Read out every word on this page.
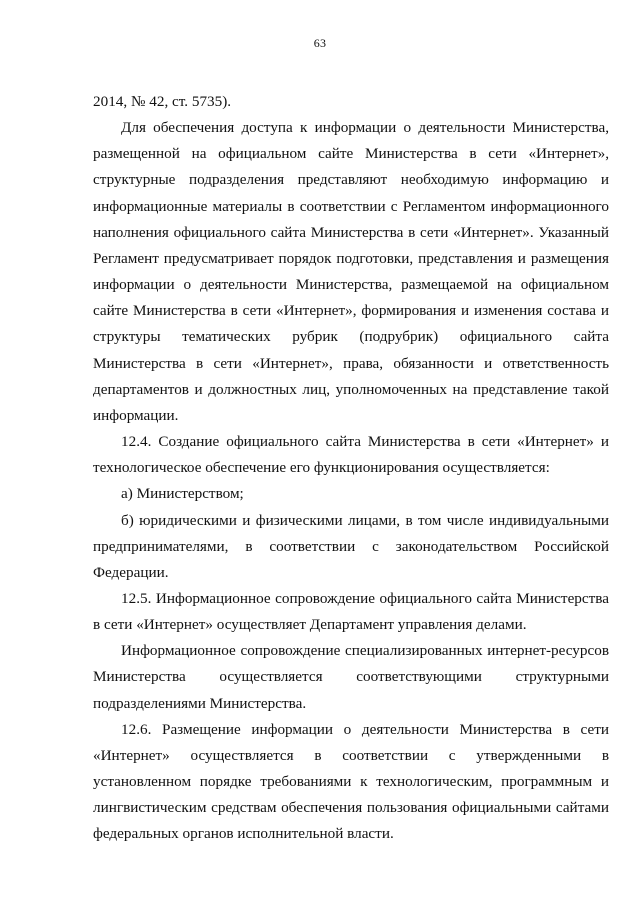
63

2014, № 42, ст. 5735).

Для обеспечения доступа к информации о деятельности Министерства, размещенной на официальном сайте Министерства в сети «Интернет», структурные подразделения представляют необходимую информацию и информационные материалы в соответствии с Регламентом информационного наполнения официального сайта Министерства в сети «Интернет». Указанный Регламент предусматривает порядок подготовки, представления и размещения информации о деятельности Министерства, размещаемой на официальном сайте Министерства в сети «Интернет», формирования и изменения состава и структуры тематических рубрик (подрубрик) официального сайта Министерства в сети «Интернет», права, обязанности и ответственность департаментов и должностных лиц, уполномоченных на представление такой информации.

12.4. Создание официального сайта Министерства в сети «Интернет» и технологическое обеспечение его функционирования осуществляется:

а) Министерством;

б) юридическими и физическими лицами, в том числе индивидуальными предпринимателями, в соответствии с законодательством Российской Федерации.

12.5. Информационное сопровождение официального сайта Министерства в сети «Интернет» осуществляет Департамент управления делами.

Информационное сопровождение специализированных интернет-ресурсов Министерства осуществляется соответствующими структурными подразделениями Министерства.

12.6. Размещение информации о деятельности Министерства в сети «Интернет» осуществляется в соответствии с утвержденными в установленном порядке требованиями к технологическим, программным и лингвистическим средствам обеспечения пользования официальными сайтами федеральных органов исполнительной власти.
